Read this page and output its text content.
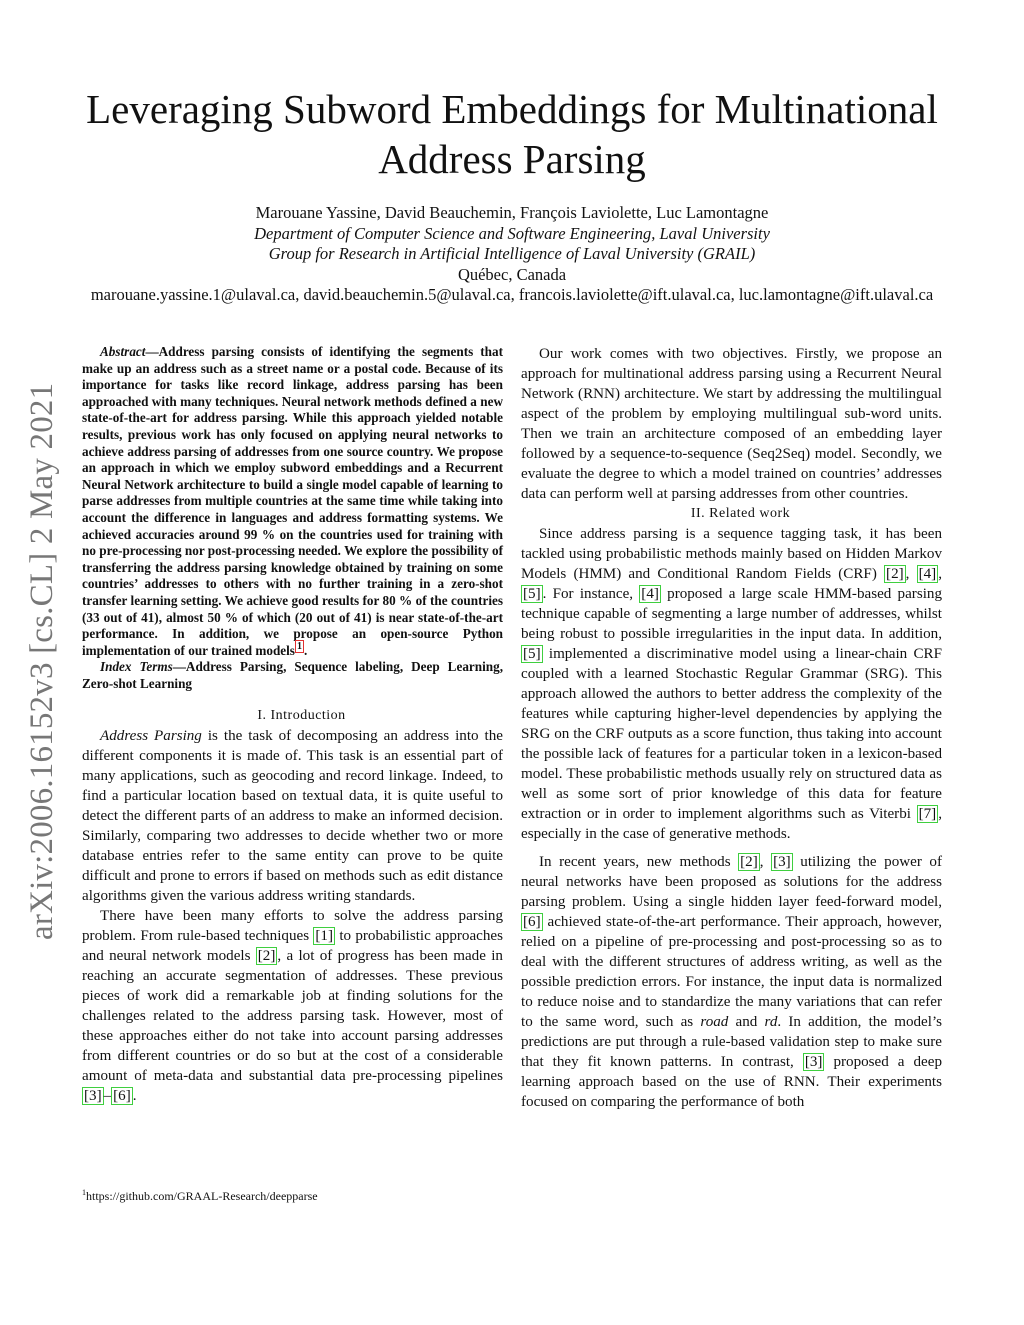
Leveraging Subword Embeddings for Multinational
Address Parsing
Marouane Yassine, David Beauchemin, François Laviolette, Luc Lamontagne
Department of Computer Science and Software Engineering, Laval University
Group for Research in Artificial Intelligence of Laval University (GRAIL)
Québec, Canada
marouane.yassine.1@ulaval.ca, david.beauchemin.5@ulaval.ca, francois.laviolette@ift.ulaval.ca, luc.lamontagne@ift.ulaval.ca
arXiv:2006.16152v3 [cs.CL] 2 May 2021

Abstract—Address parsing consists of identifying the segments that make up an address such as a street name or a postal code. Because of its importance for tasks like record linkage, address parsing has been approached with many techniques. Neural network methods defined a new state-of-the-art for address parsing. While this approach yielded notable results, previous work has only focused on applying neural networks to achieve address parsing of addresses from one source country. We propose an approach in which we employ subword embeddings and a Recurrent Neural Network architecture to build a single model capable of learning to parse addresses from multiple countries at the same time while taking into account the difference in languages and address formatting systems. We achieved accuracies around 99 % on the countries used for training with no pre-processing nor post-processing needed. We explore the possibility of transferring the address parsing knowledge obtained by training on some countries’ addresses to others with no further training in a zero-shot transfer learning setting. We achieve good results for 80 % of the countries (33 out of 41), almost 50 % of which (20 out of 41) is near state-of-the-art performance. In addition, we propose an open-source Python implementation of our trained models $^1$ .

Index Terms—Address Parsing, Sequence labeling, Deep Learning, Zero-shot Learning

I. Introduction

Address Parsing is the task of decomposing an address into the different components it is made of. This task is an essential part of many applications, such as geocoding and record linkage. Indeed, to find a particular location based on textual data, it is quite useful to detect the different parts of an address to make an informed decision. Similarly, comparing two addresses to decide whether two or more database entries refer to the same entity can prove to be quite difficult and prone to errors if based on methods such as edit distance algorithms given the various address writing standards.

There have been many efforts to solve the address parsing problem. From rule-based techniques [1] to probabilistic approaches and neural network models [2] , a lot of progress has been made in reaching an accurate segmentation of addresses. These previous pieces of work did a remarkable job at finding solutions for the challenges related to the address parsing task. However, most of these approaches either do not take into account parsing addresses from different countries or do so but at the cost of a considerable amount of meta-data and substantial data pre-processing pipelines [3] – [6] .

$^1$https://github.com/GRAAL-Research/deepparse

Our work comes with two objectives. Firstly, we propose an approach for multinational address parsing using a Recurrent Neural Network (RNN) architecture. We start by addressing the multilingual aspect of the problem by employing multilingual sub-word units. Then we train an architecture composed of an embedding layer followed by a sequence-to-sequence (Seq2Seq) model. Secondly, we evaluate the degree to which a model trained on countries’ addresses data can perform well at parsing addresses from other countries.

II. Related work

Since address parsing is a sequence tagging task, it has been tackled using probabilistic methods mainly based on Hidden Markov Models (HMM) and Conditional Random Fields (CRF) [2] , [4] , [5] . For instance, [4] proposed a large scale HMM-based parsing technique capable of segmenting a large number of addresses, whilst being robust to possible irregularities in the input data. In addition, [5] implemented a discriminative model using a linear-chain CRF coupled with a learned Stochastic Regular Grammar (SRG). This approach allowed the authors to better address the complexity of the features while capturing higher-level dependencies by applying the SRG on the CRF outputs as a score function, thus taking into account the possible lack of features for a particular token in a lexicon-based model. These probabilistic methods usually rely on structured data as well as some sort of prior knowledge of this data for feature extraction or in order to implement algorithms such as Viterbi [7] , especially in the case of generative methods.

In recent years, new methods [2] , [3] utilizing the power of neural networks have been proposed as solutions for the address parsing problem. Using a single hidden layer feed-forward model, [6] achieved state-of-the-art performance. Their approach, however, relied on a pipeline of pre-processing and post-processing so as to deal with the different structures of address writing, as well as the possible prediction errors. For instance, the input data is normalized to reduce noise and to standardize the many variations that can refer to the same word, such as road and rd. In addition, the model’s predictions are put through a rule-based validation step to make sure that they fit known patterns. In contrast, [3] proposed a deep learning approach based on the use of RNN. Their experiments focused on comparing the performance of both
